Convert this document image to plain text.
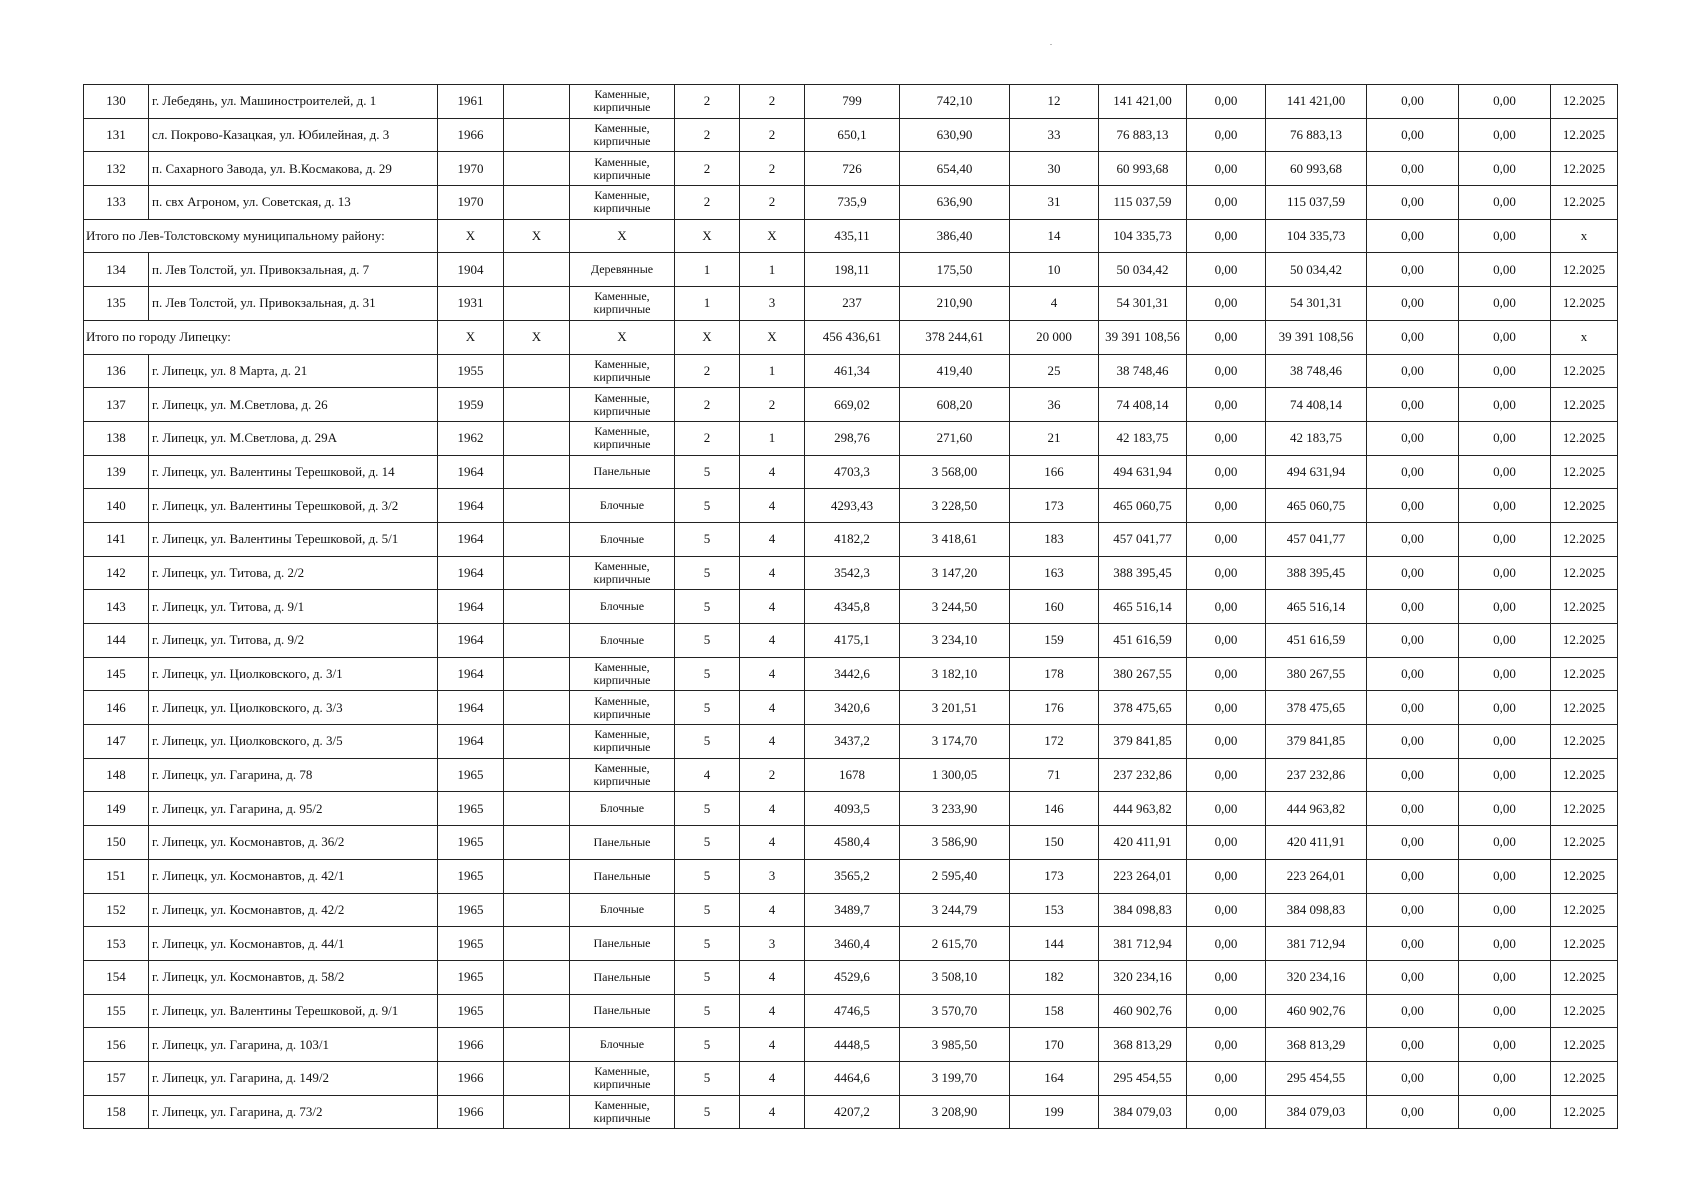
130	г. Лебедянь, ул. Машиностроителей, д. 1	1961		Каменные, кирпичные	2	2	799	742,10	12	141 421,00	0,00	141 421,00	0,00	0,00	12.2025
131	сл. Покрово-Казацкая, ул. Юбилейная, д. 3	1966		Каменные, кирпичные	2	2	650,1	630,90	33	76 883,13	0,00	76 883,13	0,00	0,00	12.2025
132	п. Сахарного Завода, ул. В.Космакова, д. 29	1970		Каменные, кирпичные	2	2	726	654,40	30	60 993,68	0,00	60 993,68	0,00	0,00	12.2025
133	п. свх Агроном, ул. Советская, д. 13	1970		Каменные, кирпичные	2	2	735,9	636,90	31	115 037,59	0,00	115 037,59	0,00	0,00	12.2025
Итого по Лев-Толстовскому муниципальному району:		X	X	X	X	X	435,11	386,40	14	104 335,73	0,00	104 335,73	0,00	0,00	x
134	п. Лев Толстой, ул. Привокзальная, д. 7	1904		Деревянные	1	1	198,11	175,50	10	50 034,42	0,00	50 034,42	0,00	0,00	12.2025
135	п. Лев Толстой, ул. Привокзальная, д. 31	1931		Каменные, кирпичные	1	3	237	210,90	4	54 301,31	0,00	54 301,31	0,00	0,00	12.2025
Итого по городу Липецку:		X	X	X	X	X	456 436,61	378 244,61	20 000	39 391 108,56	0,00	39 391 108,56	0,00	0,00	x
136	г. Липецк, ул. 8 Марта, д. 21	1955		Каменные, кирпичные	2	1	461,34	419,40	25	38 748,46	0,00	38 748,46	0,00	0,00	12.2025
137	г. Липецк, ул. М.Светлова, д. 26	1959		Каменные, кирпичные	2	2	669,02	608,20	36	74 408,14	0,00	74 408,14	0,00	0,00	12.2025
138	г. Липецк, ул. М.Светлова, д. 29А	1962		Каменные, кирпичные	2	1	298,76	271,60	21	42 183,75	0,00	42 183,75	0,00	0,00	12.2025
139	г. Липецк, ул. Валентины Терешковой, д. 14	1964		Панельные	5	4	4703,3	3 568,00	166	494 631,94	0,00	494 631,94	0,00	0,00	12.2025
140	г. Липецк, ул. Валентины Терешковой, д. 3/2	1964		Блочные	5	4	4293,43	3 228,50	173	465 060,75	0,00	465 060,75	0,00	0,00	12.2025
141	г. Липецк, ул. Валентины Терешковой, д. 5/1	1964		Блочные	5	4	4182,2	3 418,61	183	457 041,77	0,00	457 041,77	0,00	0,00	12.2025
142	г. Липецк, ул. Титова, д. 2/2	1964		Каменные, кирпичные	5	4	3542,3	3 147,20	163	388 395,45	0,00	388 395,45	0,00	0,00	12.2025
143	г. Липецк, ул. Титова, д. 9/1	1964		Блочные	5	4	4345,8	3 244,50	160	465 516,14	0,00	465 516,14	0,00	0,00	12.2025
144	г. Липецк, ул. Титова, д. 9/2	1964		Блочные	5	4	4175,1	3 234,10	159	451 616,59	0,00	451 616,59	0,00	0,00	12.2025
145	г. Липецк, ул. Циолковского, д. 3/1	1964		Каменные, кирпичные	5	4	3442,6	3 182,10	178	380 267,55	0,00	380 267,55	0,00	0,00	12.2025
146	г. Липецк, ул. Циолковского, д. 3/3	1964		Каменные, кирпичные	5	4	3420,6	3 201,51	176	378 475,65	0,00	378 475,65	0,00	0,00	12.2025
147	г. Липецк, ул. Циолковского, д. 3/5	1964		Каменные, кирпичные	5	4	3437,2	3 174,70	172	379 841,85	0,00	379 841,85	0,00	0,00	12.2025
148	г. Липецк, ул. Гагарина, д. 78	1965		Каменные, кирпичные	4	2	1678	1 300,05	71	237 232,86	0,00	237 232,86	0,00	0,00	12.2025
149	г. Липецк, ул. Гагарина, д. 95/2	1965		Блочные	5	4	4093,5	3 233,90	146	444 963,82	0,00	444 963,82	0,00	0,00	12.2025
150	г. Липецк, ул. Космонавтов, д. 36/2	1965		Панельные	5	4	4580,4	3 586,90	150	420 411,91	0,00	420 411,91	0,00	0,00	12.2025
151	г. Липецк, ул. Космонавтов, д. 42/1	1965		Панельные	5	3	3565,2	2 595,40	173	223 264,01	0,00	223 264,01	0,00	0,00	12.2025
152	г. Липецк, ул. Космонавтов, д. 42/2	1965		Блочные	5	4	3489,7	3 244,79	153	384 098,83	0,00	384 098,83	0,00	0,00	12.2025
153	г. Липецк, ул. Космонавтов, д. 44/1	1965		Панельные	5	3	3460,4	2 615,70	144	381 712,94	0,00	381 712,94	0,00	0,00	12.2025
154	г. Липецк, ул. Космонавтов, д. 58/2	1965		Панельные	5	4	4529,6	3 508,10	182	320 234,16	0,00	320 234,16	0,00	0,00	12.2025
155	г. Липецк, ул. Валентины Терешковой, д. 9/1	1965		Панельные	5	4	4746,5	3 570,70	158	460 902,76	0,00	460 902,76	0,00	0,00	12.2025
156	г. Липецк, ул. Гагарина, д. 103/1	1966		Блочные	5	4	4448,5	3 985,50	170	368 813,29	0,00	368 813,29	0,00	0,00	12.2025
157	г. Липецк, ул. Гагарина, д. 149/2	1966		Каменные, кирпичные	5	4	4464,6	3 199,70	164	295 454,55	0,00	295 454,55	0,00	0,00	12.2025
158	г. Липецк, ул. Гагарина, д. 73/2	1966		Каменные, кирпичные	5	4	4207,2	3 208,90	199	384 079,03	0,00	384 079,03	0,00	0,00	12.2025
